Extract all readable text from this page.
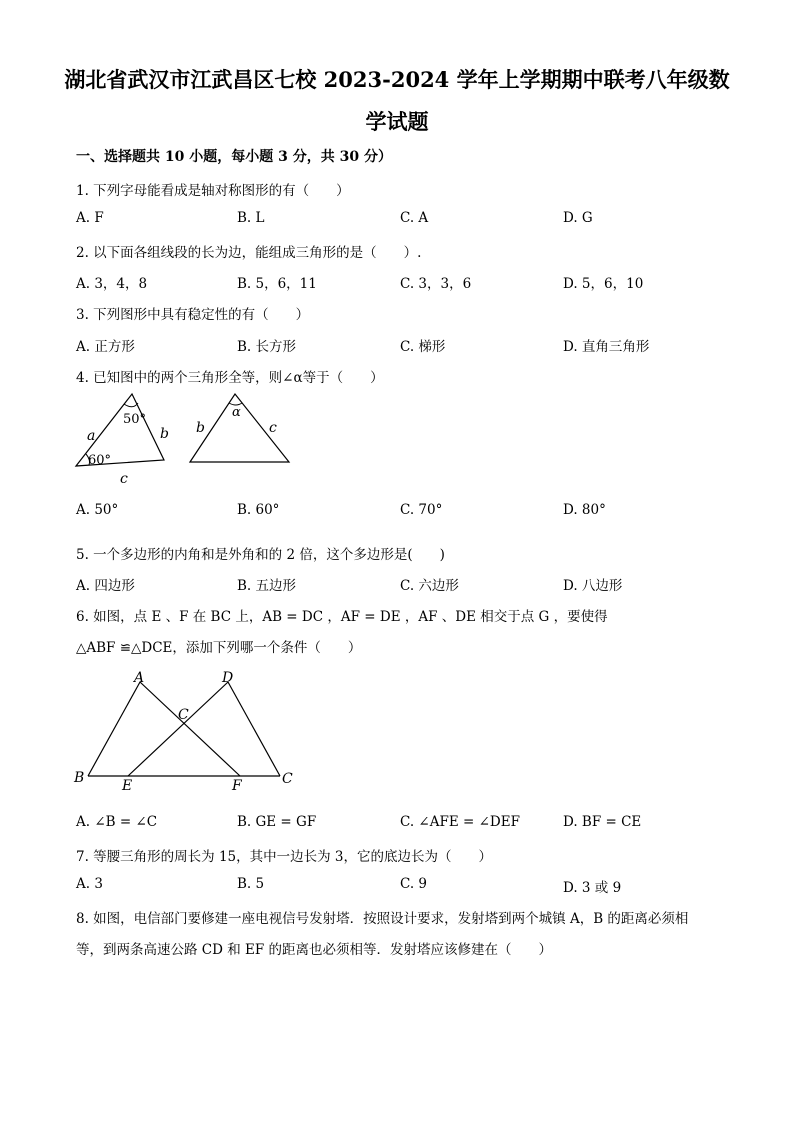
湖北省武汉市江武昌区七校 2023-2024 学年上学期期中联考八年级数
学试题
一、选择题共 10 小题，每小题 3 分，共 30 分）
1. 下列字母能看成是轴对称图形的有（　　）
A. F	B. L	C. A	D. G
2. 以下面各组线段的长为边，能组成三角形的是（　　）.
A. 3，4，8	B. 5，6，11	C. 3，3，6	D. 5，6，10
3. 下列图形中具有稳定性的有（　　）
A. 正方形	B. 长方形	C. 梯形	D. 直角三角形
4. 已知图中的两个三角形全等，则∠α等于（　　）
50°
60°
a	b
c
α
b	c
A. 50°	B. 60°	C. 70°	D. 80°
5. 一个多边形的内角和是外角和的 2 倍，这个多边形是(　　)
A. 四边形	B. 五边形	C. 六边形	D. 八边形
6. 如图，点 E 、F 在 BC 上，AB = DC ，AF = DE ，AF 、DE 相交于点 G ，要使得
△ABF ≌△DCE，添加下列哪一个条件（　　）
A	D
C
B	E	F	C
A. ∠B = ∠C	B. GE = GF	C. ∠AFE = ∠DEF	D. BF = CE
7. 等腰三角形的周长为 15，其中一边长为 3，它的底边长为（　　）
A. 3	B. 5	C. 9	D. 3 或 9
8. 如图，电信部门要修建一座电视信号发射塔．按照设计要求，发射塔到两个城镇 A，B 的距离必须相
等，到两条高速公路 CD 和 EF 的距离也必须相等．发射塔应该修建在（　　）
